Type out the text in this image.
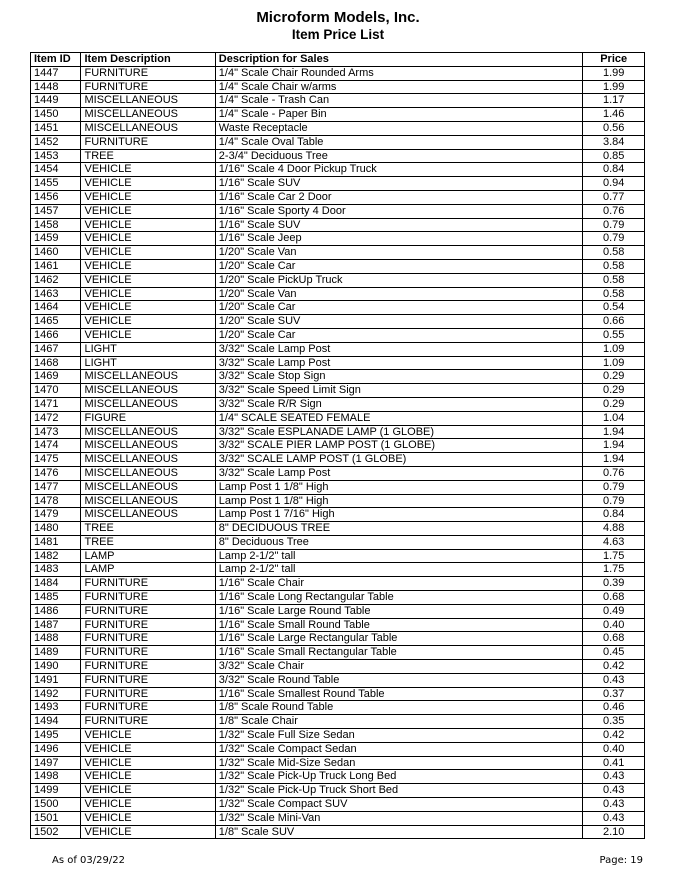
Microform Models, Inc.
Item Price List
Item ID	Item Description	Description for Sales	Price
1447	FURNITURE	1/4" Scale Chair Rounded Arms	1.99
1448	FURNITURE	1/4" Scale Chair w/arms	1.99
1449	MISCELLANEOUS	1/4" Scale - Trash Can	1.17
1450	MISCELLANEOUS	1/4" Scale - Paper Bin	1.46
1451	MISCELLANEOUS	Waste Receptacle	0.56
1452	FURNITURE	1/4" Scale Oval Table	3.84
1453	TREE	2-3/4" Deciduous Tree	0.85
1454	VEHICLE	1/16" Scale 4 Door Pickup Truck	0.84
1455	VEHICLE	1/16" Scale SUV	0.94
1456	VEHICLE	1/16" Scale Car 2 Door	0.77
1457	VEHICLE	1/16" Scale Sporty 4 Door	0.76
1458	VEHICLE	1/16" Scale SUV	0.79
1459	VEHICLE	1/16" Scale Jeep	0.79
1460	VEHICLE	1/20" Scale Van	0.58
1461	VEHICLE	1/20" Scale Car	0.58
1462	VEHICLE	1/20" Scale PickUp Truck	0.58
1463	VEHICLE	1/20" Scale Van	0.58
1464	VEHICLE	1/20" Scale Car	0.54
1465	VEHICLE	1/20" Scale SUV	0.66
1466	VEHICLE	1/20" Scale Car	0.55
1467	LIGHT	3/32" Scale Lamp Post	1.09
1468	LIGHT	3/32" Scale Lamp Post	1.09
1469	MISCELLANEOUS	3/32" Scale Stop Sign	0.29
1470	MISCELLANEOUS	3/32" Scale Speed Limit Sign	0.29
1471	MISCELLANEOUS	3/32" Scale R/R Sign	0.29
1472	FIGURE	1/4" SCALE SEATED FEMALE	1.04
1473	MISCELLANEOUS	3/32" Scale ESPLANADE LAMP (1 GLOBE)	1.94
1474	MISCELLANEOUS	3/32" SCALE PIER LAMP POST (1 GLOBE)	1.94
1475	MISCELLANEOUS	3/32" SCALE LAMP POST (1 GLOBE)	1.94
1476	MISCELLANEOUS	3/32" Scale Lamp Post	0.76
1477	MISCELLANEOUS	Lamp Post 1 1/8" High	0.79
1478	MISCELLANEOUS	Lamp Post 1 1/8" High	0.79
1479	MISCELLANEOUS	Lamp Post 1 7/16" High	0.84
1480	TREE	8" DECIDUOUS TREE	4.88
1481	TREE	8" Deciduous Tree	4.63
1482	LAMP	Lamp 2-1/2" tall	1.75
1483	LAMP	Lamp 2-1/2" tall	1.75
1484	FURNITURE	1/16" Scale Chair	0.39
1485	FURNITURE	1/16" Scale Long Rectangular Table	0.68
1486	FURNITURE	1/16" Scale Large Round Table	0.49
1487	FURNITURE	1/16" Scale Small Round Table	0.40
1488	FURNITURE	1/16" Scale Large Rectangular Table	0.68
1489	FURNITURE	1/16" Scale Small Rectangular Table	0.45
1490	FURNITURE	3/32" Scale Chair	0.42
1491	FURNITURE	3/32" Scale Round Table	0.43
1492	FURNITURE	1/16" Scale Smallest Round Table	0.37
1493	FURNITURE	1/8" Scale Round Table	0.46
1494	FURNITURE	1/8" Scale Chair	0.35
1495	VEHICLE	1/32" Scale Full Size Sedan	0.42
1496	VEHICLE	1/32" Scale Compact Sedan	0.40
1497	VEHICLE	1/32" Scale Mid-Size Sedan	0.41
1498	VEHICLE	1/32" Scale Pick-Up Truck Long Bed	0.43
1499	VEHICLE	1/32" Scale Pick-Up Truck Short Bed	0.43
1500	VEHICLE	1/32" Scale Compact SUV	0.43
1501	VEHICLE	1/32" Scale Mini-Van	0.43
1502	VEHICLE	1/8" Scale SUV	2.10
As of 03/29/22	Page: 19
